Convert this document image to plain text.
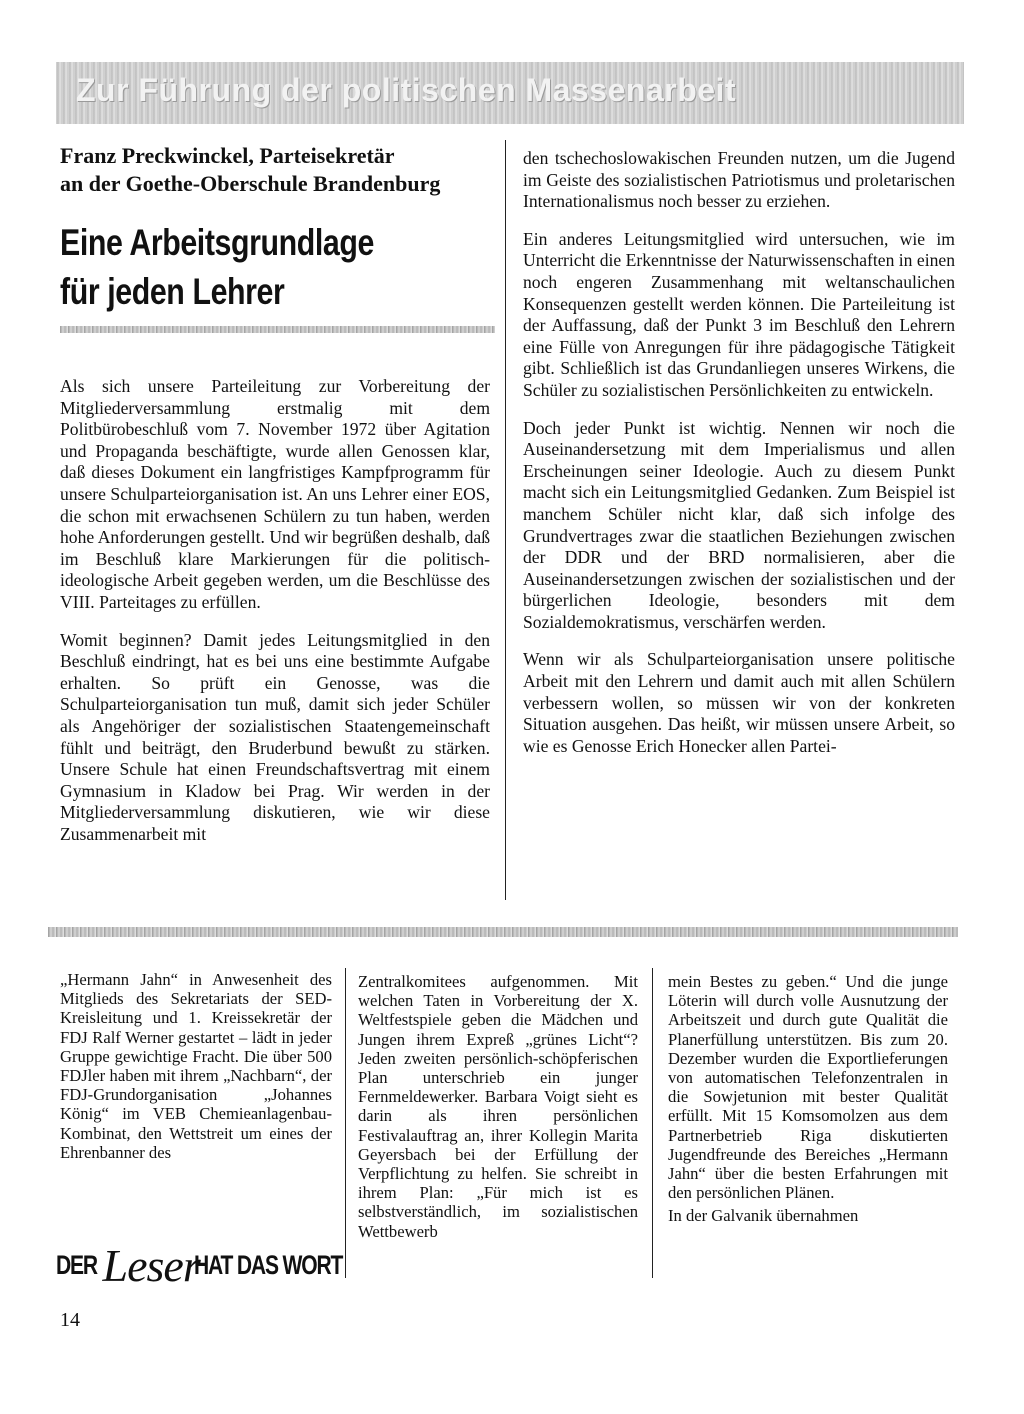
Zur Führung der politischen Massenarbeit
Franz Preckwinckel, Parteisekretär
an der Goethe-Oberschule Brandenburg
Eine Arbeitsgrundlage
für jeden Lehrer

Als sich unsere Parteileitung zur Vorbereitung der Mitgliederversammlung erstmalig mit dem Politbürobeschluß vom 7. November 1972 über Agitation und Propaganda beschäftigte, wurde allen Genossen klar, daß dieses Dokument ein langfristiges Kampfprogramm für unsere Schulparteiorganisation ist. An uns Lehrer einer EOS, die schon mit erwachsenen Schülern zu tun haben, werden hohe Anforderungen gestellt. Und wir begrüßen deshalb, daß im Beschluß klare Markierungen für die politisch-ideologische Arbeit gegeben werden, um die Beschlüsse des VIII. Parteitages zu erfüllen.

Womit beginnen? Damit jedes Leitungsmitglied in den Beschluß eindringt, hat es bei uns eine bestimmte Aufgabe erhalten. So prüft ein Genosse, was die Schulparteiorganisation tun muß, damit sich jeder Schüler als Angehöriger der sozialistischen Staatengemeinschaft fühlt und beiträgt, den Bruderbund bewußt zu stärken. Unsere Schule hat einen Freundschaftsvertrag mit einem Gymnasium in Kladow bei Prag. Wir werden in der Mitgliederversammlung diskutieren, wie wir diese Zusammenarbeit mit

den tschechoslowakischen Freunden nutzen, um die Jugend im Geiste des sozialistischen Patriotismus und proletarischen Internationalismus noch besser zu erziehen.

Ein anderes Leitungsmitglied wird untersuchen, wie im Unterricht die Erkenntnisse der Naturwissenschaften in einen noch engeren Zusammenhang mit weltanschaulichen Konsequenzen gestellt werden können. Die Parteileitung ist der Auffassung, daß der Punkt 3 im Beschluß den Lehrern eine Fülle von Anregungen für ihre pädagogische Tätigkeit gibt. Schließlich ist das Grundanliegen unseres Wirkens, die Schüler zu sozialistischen Persönlichkeiten zu entwickeln.

Doch jeder Punkt ist wichtig. Nennen wir noch die Auseinandersetzung mit dem Imperialismus und allen Erscheinungen seiner Ideologie. Auch zu diesem Punkt macht sich ein Leitungsmitglied Gedanken. Zum Beispiel ist manchem Schüler nicht klar, daß sich infolge des Grundvertrages zwar die staatlichen Beziehungen zwischen der DDR und der BRD normalisieren, aber die Auseinandersetzungen zwischen der sozialistischen und der bürgerlichen Ideologie, besonders mit dem Sozialdemokratismus, verschärfen werden.

Wenn wir als Schulparteiorganisation unsere politische Arbeit mit den Lehrern und damit auch mit allen Schülern verbessern wollen, so müssen wir von der konkreten Situation ausgehen. Das heißt, wir müssen unsere Arbeit, so wie es Genosse Erich Honecker allen Partei-

„Hermann Jahn“ in Anwesenheit des Mitglieds des Sekretariats der SED-Kreisleitung und 1. Kreissekretär der FDJ Ralf Werner gestartet – lädt in jeder Gruppe gewichtige Fracht. Die über 500 FDJler haben mit ihrem „Nachbarn“, der FDJ-Grundorganisation „Johannes König“ im VEB Chemieanlagenbau-Kombinat, den Wettstreit um eines der Ehrenbanner des

Zentralkomitees aufgenommen. Mit welchen Taten in Vorbereitung der X. Weltfestspiele geben die Mädchen und Jungen ihrem Expreß „grünes Licht“? Jeden zweiten persönlich-schöpferischen Plan unterschrieb ein junger Fernmeldewerker. Barbara Voigt sieht es darin als ihren persönlichen Festivalauftrag an, ihrer Kollegin Marita Geyersbach bei der Erfüllung der Verpflichtung zu helfen. Sie schreibt in ihrem Plan: „Für mich ist es selbstverständlich, im sozialistischen Wettbewerb

mein Bestes zu geben.“ Und die junge Löterin will durch volle Ausnutzung der Arbeitszeit und durch gute Qualität die Planerfüllung unterstützen. Bis zum 20. Dezember wurden die Exportlieferungen von automatischen Telefonzentralen in die Sowjetunion mit bester Qualität erfüllt. Mit 15 Komsomolzen aus dem Partnerbetrieb Riga diskutierten Jugendfreunde des Bereiches „Hermann Jahn“ über die besten Erfahrungen mit den persönlichen Plänen.

In der Galvanik übernahmen

DER Leser
HAT DAS WORT
14
